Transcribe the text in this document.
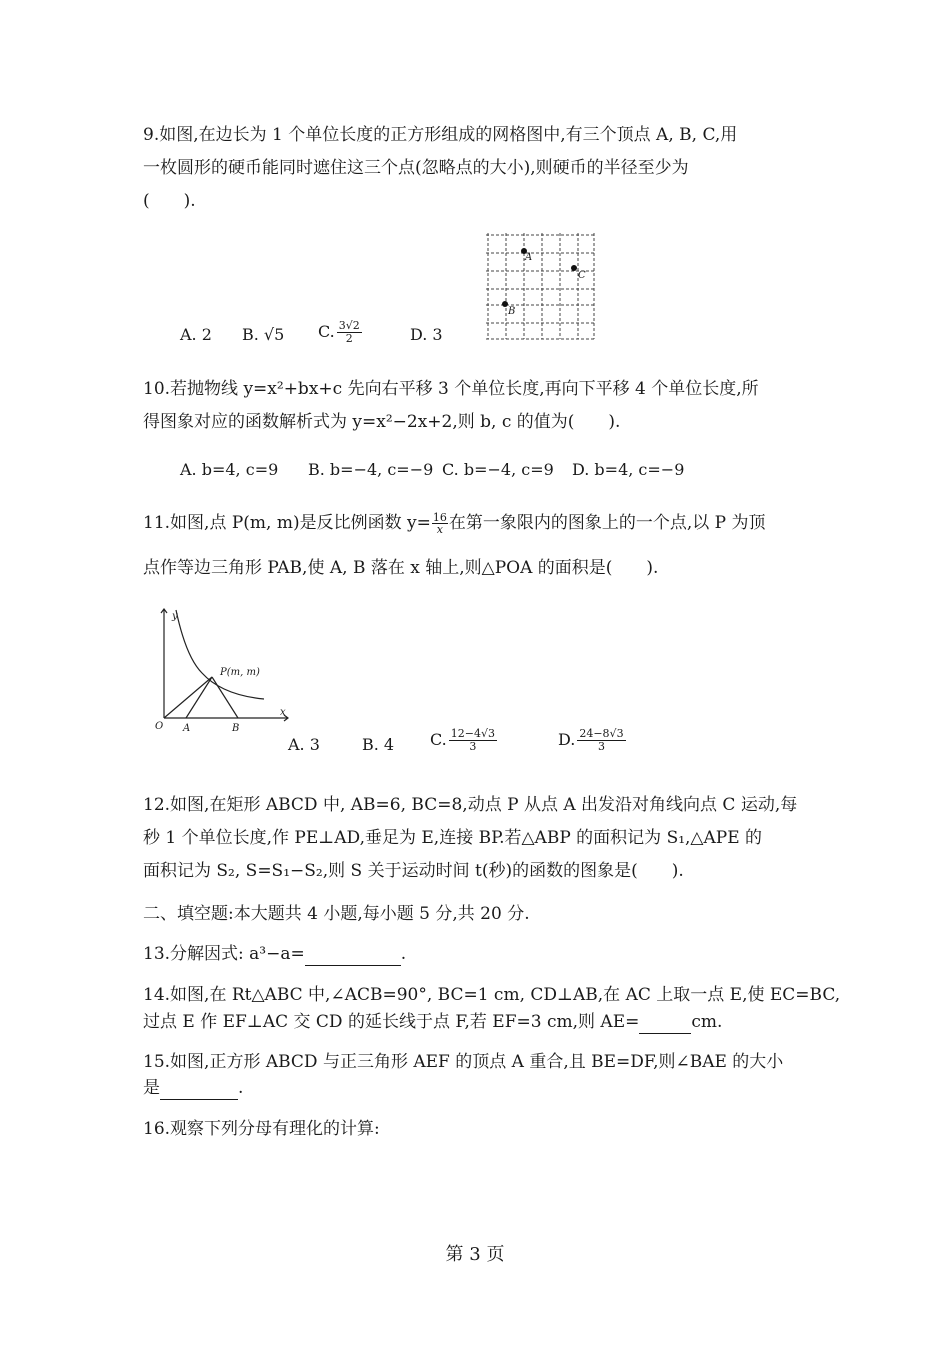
9.如图,在边长为 1 个单位长度的正方形组成的网格图中,有三个顶点 A, B, C,用
一枚圆形的硬币能同时遮住这三个点(忽略点的大小),则硬币的半径至少为
(　　).
A
C
B
A. 2 B. √5 C. $\frac{3√2}{2}$	D. 3
10.若抛物线 y=x²+bx+c 先向右平移 3 个单位长度,再向下平移 4 个单位长度,所
得图象对应的函数解析式为 y=x²−2x+2,则 b, c 的值为(　　).
A. b=4, c=9 B. b=−4, c=−9 C. b=−4, c=9 D. b=4, c=−9
11.如图,点 P(m, m)是反比例函数 $y= \frac{16}{x}$在第一象限内的图象上的一个点,以 P 为顶
点作等边三角形 PAB,使 A, B 落在 x 轴上,则△POA 的面积是(　　).
y
x
O A	B
P(m, m)
A. 3	B. 4 C. $\frac{12-4√3}{3}$	D. $\frac{24-8√3}{3}$
12.如图,在矩形 ABCD 中, AB=6, BC=8,动点 P 从点 A 出发沿对角线向点 C 运动,每
秒 1 个单位长度,作 PE⊥AD,垂足为 E,连接 BP.若△ABP 的面积记为 S₁,△APE 的
面积记为 S₂, S=S₁−S₂,则 S 关于运动时间 t(秒)的函数的图象是(　　).
二、填空题:本大题共 4 小题,每小题 5 分,共 20 分.
13.分解因式: a³−a=	.
14.如图,在 Rt△ABC 中,∠ACB=90°, BC=1 cm, CD⊥AB,在 AC 上取一点 E,使 EC=BC,
过点 E 作 EF⊥AC 交 CD 的延长线于点 F,若 EF=3 cm,则 AE=	cm.
15.如图,正方形 ABCD 与正三角形 AEF 的顶点 A 重合,且 BE=DF,则∠BAE 的大小
是	.
16.观察下列分母有理化的计算:
第 3 页
